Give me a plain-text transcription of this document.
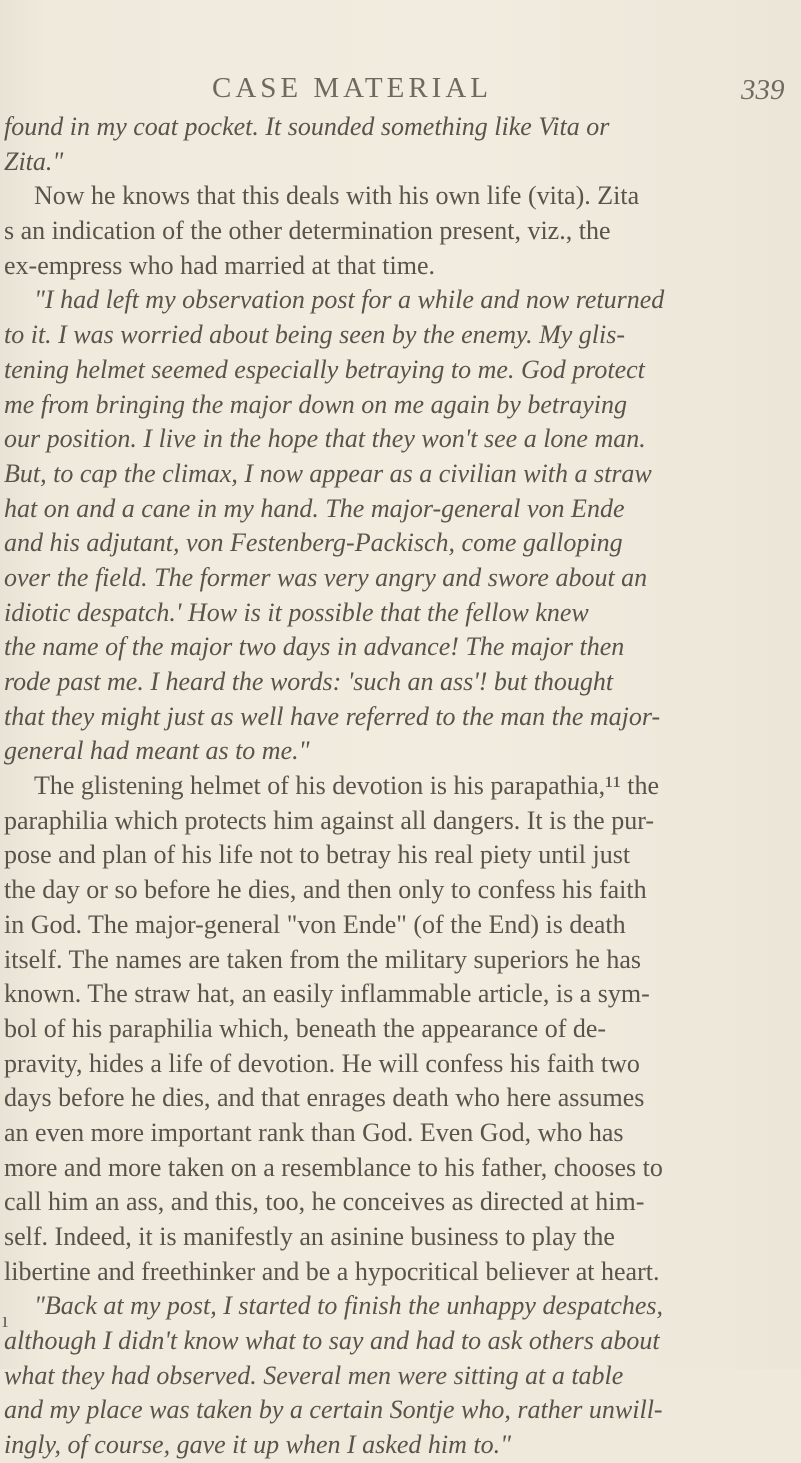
CASE MATERIAL	339
found in my coat pocket. It sounded something like Vita or
Zita."
Now he knows that this deals with his own life (vita). Zita
s an indication of the other determination present, viz., the
ex-empress who had married at that time.
"I had left my observation post for a while and now returned
to it. I was worried about being seen by the enemy. My glis-
tening helmet seemed especially betraying to me. God protect
me from bringing the major down on me again by betraying
our position. I live in the hope that they won't see a lone man.
But, to cap the climax, I now appear as a civilian with a straw
hat on and a cane in my hand. The major-general von Ende
and his adjutant, von Festenberg-Packisch, come galloping
over the field. The former was very angry and swore about an
idiotic despatch.' How is it possible that the fellow knew
the name of the major two days in advance! The major then
rode past me. I heard the words: 'such an ass'! but thought
that they might just as well have referred to the man the major-
general had meant as to me."
The glistening helmet of his devotion is his parapathia,¹¹ the
paraphilia which protects him against all dangers. It is the pur-
pose and plan of his life not to betray his real piety until just
the day or so before he dies, and then only to confess his faith
in God. The major-general "von Ende" (of the End) is death
itself. The names are taken from the military superiors he has
known. The straw hat, an easily inflammable article, is a sym-
bol of his paraphilia which, beneath the appearance of de-
pravity, hides a life of devotion. He will confess his faith two
days before he dies, and that enrages death who here assumes
an even more important rank than God. Even God, who has
more and more taken on a resemblance to his father, chooses to
call him an ass, and this, too, he conceives as directed at him-
self. Indeed, it is manifestly an asinine business to play the
libertine and freethinker and be a hypocritical believer at heart.
"Back at my post, I started to finish the unhappy despatches,
although I didn't know what to say and had to ask others about
what they had observed. Several men were sitting at a table
and my place was taken by a certain Sontje who, rather unwill-
ingly, of course, gave it up when I asked him to."
ı
